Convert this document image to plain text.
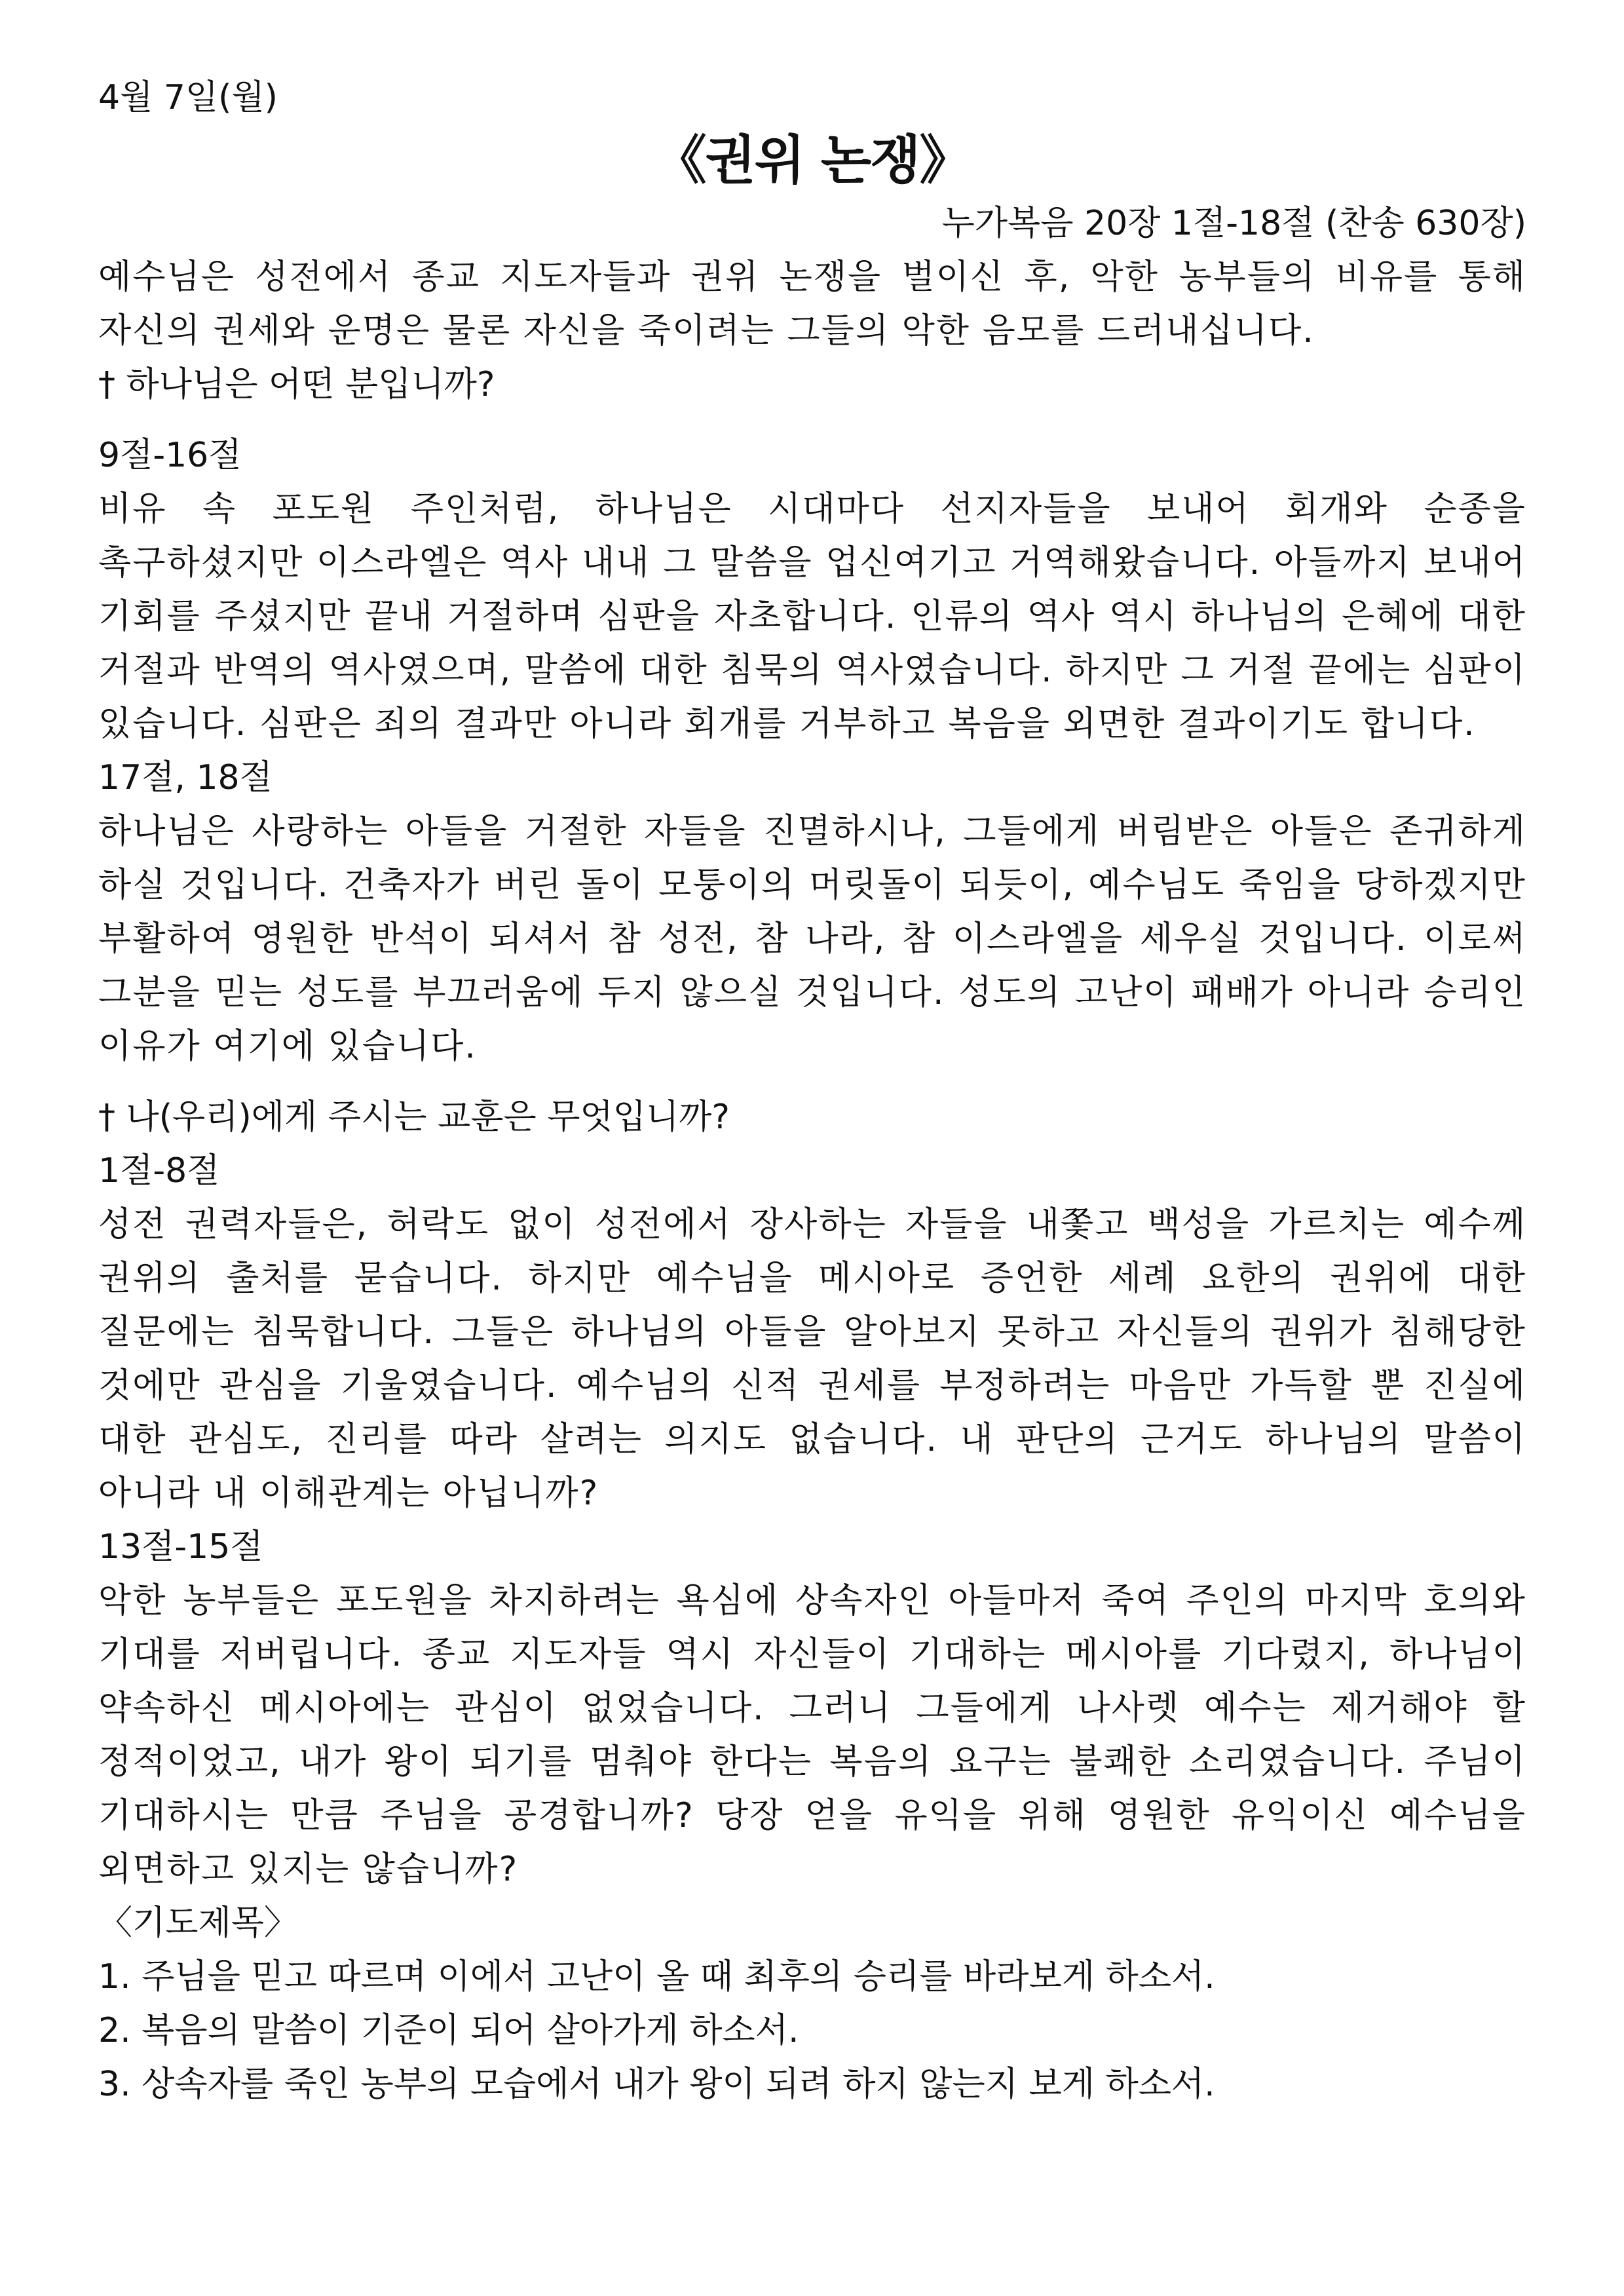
4월 7일(월)

《권위 논쟁》

누가복음 20장 1절-18절 (찬송 630장)

예수님은 성전에서 종교 지도자들과 권위 논쟁을 벌이신 후, 악한 농부들의 비유를 통해 자신의 권세와 운명은 물론 자신을 죽이려는 그들의 악한 음모를 드러내십니다.

† 하나님은 어떤 분입니까?

9절-16절

비유 속 포도원 주인처럼, 하나님은 시대마다 선지자들을 보내어 회개와 순종을 촉구하셨지만 이스라엘은 역사 내내 그 말씀을 업신여기고 거역해왔습니다. 아들까지 보내어 기회를 주셨지만 끝내 거절하며 심판을 자초합니다. 인류의 역사 역시 하나님의 은혜에 대한 거절과 반역의 역사였으며, 말씀에 대한 침묵의 역사였습니다. 하지만 그 거절 끝에는 심판이 있습니다. 심판은 죄의 결과만 아니라 회개를 거부하고 복음을 외면한 결과이기도 합니다.

17절, 18절

하나님은 사랑하는 아들을 거절한 자들을 진멸하시나, 그들에게 버림받은 아들은 존귀하게 하실 것입니다. 건축자가 버린 돌이 모퉁이의 머릿돌이 되듯이, 예수님도 죽임을 당하겠지만 부활하여 영원한 반석이 되셔서 참 성전, 참 나라, 참 이스라엘을 세우실 것입니다. 이로써 그분을 믿는 성도를 부끄러움에 두지 않으실 것입니다. 성도의 고난이 패배가 아니라 승리인 이유가 여기에 있습니다.

† 나(우리)에게 주시는 교훈은 무엇입니까?

1절-8절

성전 권력자들은, 허락도 없이 성전에서 장사하는 자들을 내쫓고 백성을 가르치는 예수께 권위의 출처를 묻습니다. 하지만 예수님을 메시아로 증언한 세례 요한의 권위에 대한 질문에는 침묵합니다. 그들은 하나님의 아들을 알아보지 못하고 자신들의 권위가 침해당한 것에만 관심을 기울였습니다. 예수님의 신적 권세를 부정하려는 마음만 가득할 뿐 진실에 대한 관심도, 진리를 따라 살려는 의지도 없습니다. 내 판단의 근거도 하나님의 말씀이 아니라 내 이해관계는 아닙니까?

13절-15절

악한 농부들은 포도원을 차지하려는 욕심에 상속자인 아들마저 죽여 주인의 마지막 호의와 기대를 저버립니다. 종교 지도자들 역시 자신들이 기대하는 메시아를 기다렸지, 하나님이 약속하신 메시아에는 관심이 없었습니다. 그러니 그들에게 나사렛 예수는 제거해야 할 정적이었고, 내가 왕이 되기를 멈춰야 한다는 복음의 요구는 불쾌한 소리였습니다. 주님이 기대하시는 만큼 주님을 공경합니까? 당장 얻을 유익을 위해 영원한 유익이신 예수님을 외면하고 있지는 않습니까?

〈기도제목〉

1. 주님을 믿고 따르며 이에서 고난이 올 때 최후의 승리를 바라보게 하소서.
2. 복음의 말씀이 기준이 되어 살아가게 하소서.
3. 상속자를 죽인 농부의 모습에서 내가 왕이 되려 하지 않는지 보게 하소서.
